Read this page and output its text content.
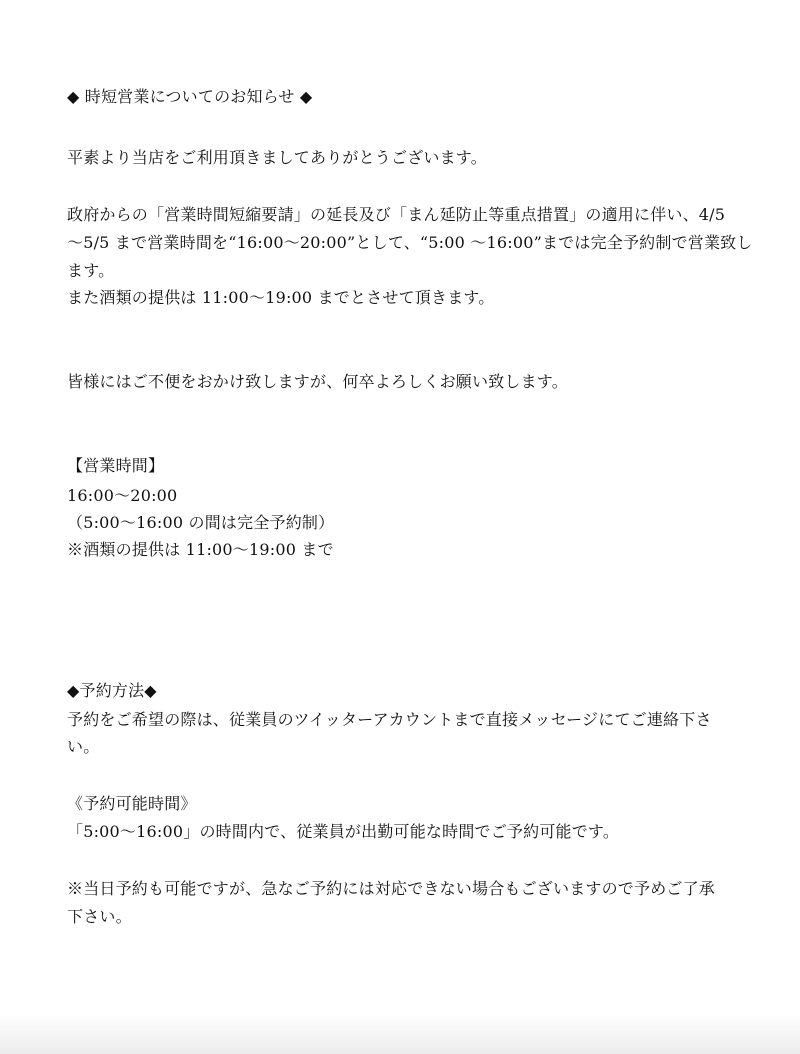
◆ 時短営業についてのお知らせ ◆
平素より当店をご利用頂きましてありがとうございます。
政府からの「営業時間短縮要請」の延長及び「まん延防止等重点措置」の適用に伴い、4/5
〜5/5 まで営業時間を“16:00〜20:00”として、“5:00 〜16:00”までは完全予約制で営業致し
ます。
また酒類の提供は 11:00〜19:00 までとさせて頂きます。
皆様にはご不便をおかけ致しますが、何卒よろしくお願い致します。
【営業時間】
16:00〜20:00
（5:00〜16:00 の間は完全予約制）
※酒類の提供は 11:00〜19:00 まで
◆予約方法◆
予約をご希望の際は、従業員のツイッターアカウントまで直接メッセージにてご連絡下さ
い。
《予約可能時間》
「5:00〜16:00」の時間内で、従業員が出勤可能な時間でご予約可能です。
※当日予約も可能ですが、急なご予約には対応できない場合もございますので予めご了承
下さい。
